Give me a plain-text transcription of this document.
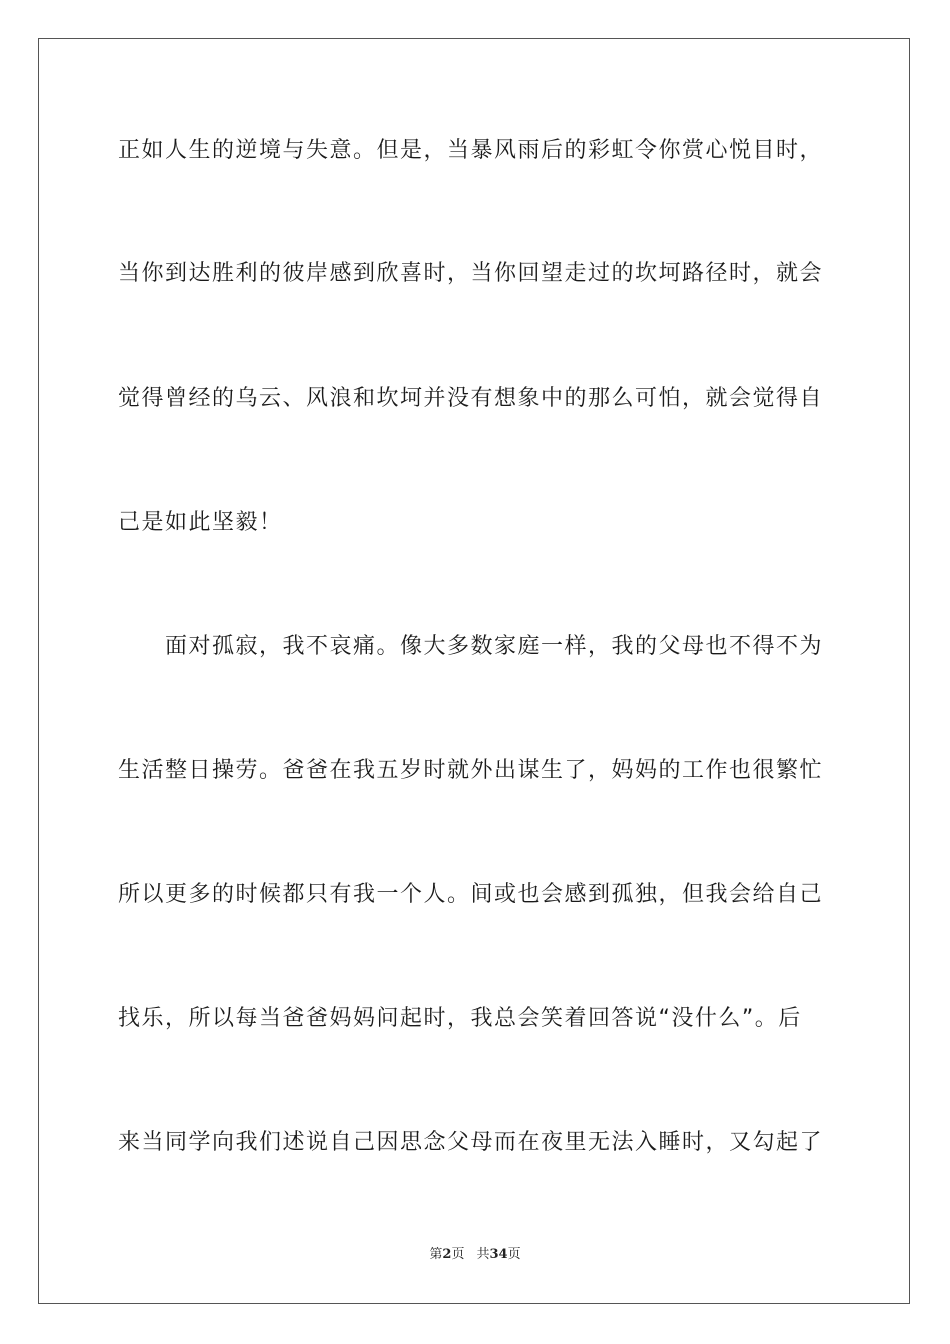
正如人生的逆境与失意。但是，当暴风雨后的彩虹令你赏心悦目时，
当你到达胜利的彼岸感到欣喜时，当你回望走过的坎坷路径时，就会
觉得曾经的乌云、风浪和坎坷并没有想象中的那么可怕，就会觉得自
己是如此坚毅！
面对孤寂，我不哀痛。像大多数家庭一样，我的父母也不得不为
生活整日操劳。爸爸在我五岁时就外出谋生了，妈妈的工作也很繁忙
所以更多的时候都只有我一个人。间或也会感到孤独，但我会给自己
找乐，所以每当爸爸妈妈问起时，我总会笑着回答说“没什么”。后
来当同学向我们述说自己因思念父母而在夜里无法入睡时，又勾起了
第2页 共34页
